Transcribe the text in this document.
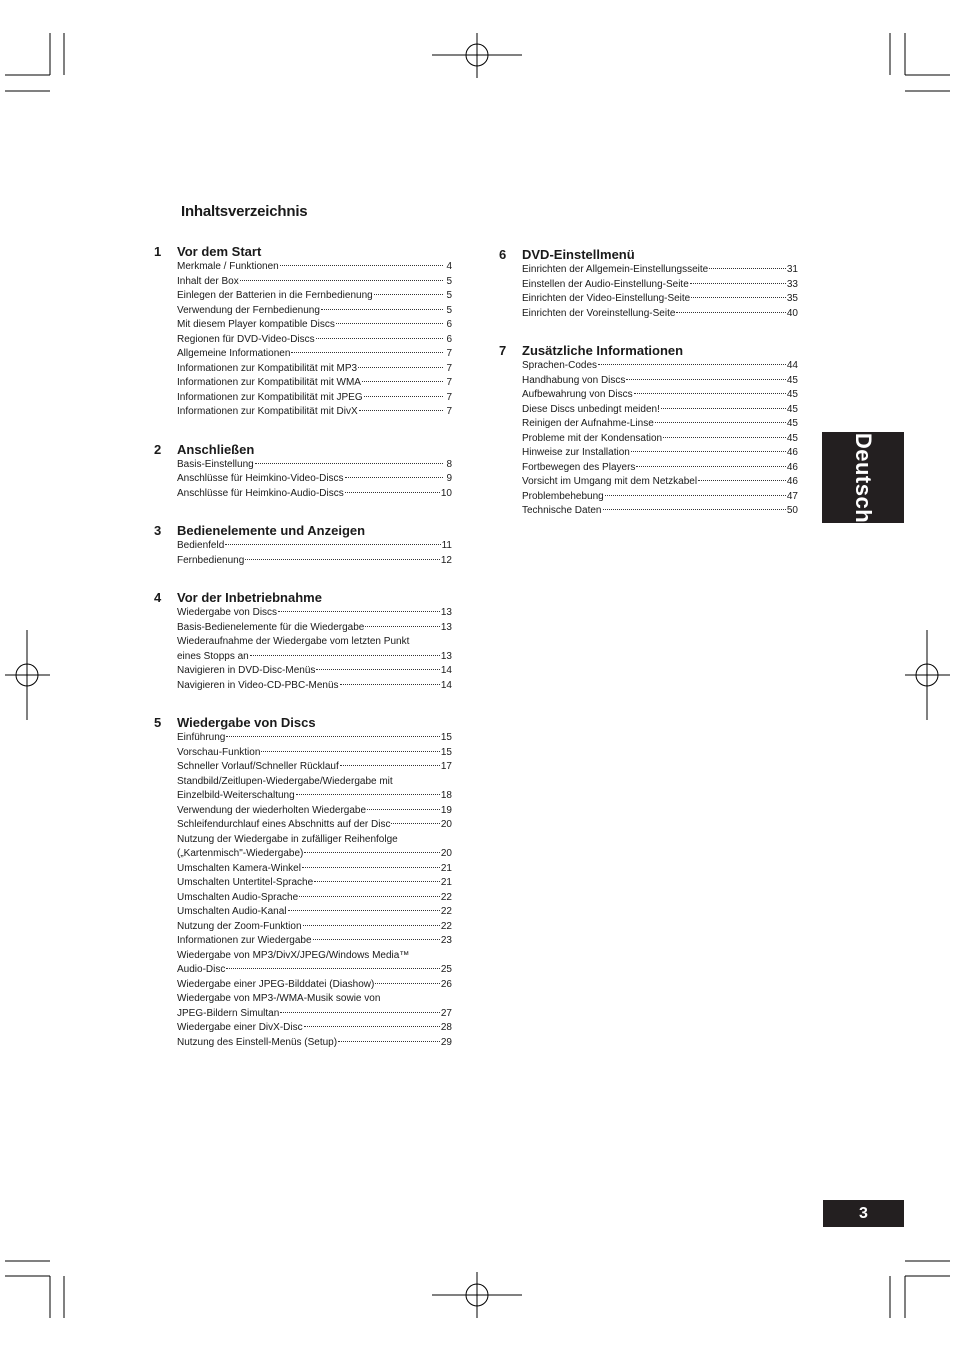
Inhaltsverzeichnis
1	Vor dem Start
Merkmale / Funktionen	4
Inhalt der Box	5
Einlegen der Batterien in die Fernbedienung	5
Verwendung der Fernbedienung	5
Mit diesem Player kompatible Discs	6
Regionen für DVD-Video-Discs	6
Allgemeine Informationen	7
Informationen zur Kompatibilität mit MP3	7
Informationen zur Kompatibilität mit WMA	7
Informationen zur Kompatibilität mit JPEG	7
Informationen zur Kompatibilität mit DivX	7
2	Anschließen
Basis-Einstellung	8
Anschlüsse für Heimkino-Video-Discs	9
Anschlüsse für Heimkino-Audio-Discs	10
3	Bedienelemente und Anzeigen
Bedienfeld	11
Fernbedienung	12
4	Vor der Inbetriebnahme
Wiedergabe von Discs	13
Basis-Bedienelemente für die Wiedergabe	13
Wiederaufnahme der Wiedergabe vom letzten Punkt
eines Stopps an	13
Navigieren in DVD-Disc-Menüs	14
Navigieren in Video-CD-PBC-Menüs	14
5	Wiedergabe von Discs
Einführung	15
Vorschau-Funktion	15
Schneller Vorlauf/Schneller Rücklauf	17
Standbild/Zeitlupen-Wiedergabe/Wiedergabe mit
Einzelbild-Weiterschaltung	18
Verwendung der wiederholten Wiedergabe	19
Schleifendurchlauf eines Abschnitts auf der Disc	20
Nutzung der Wiedergabe in zufälliger Reihenfolge
(„Kartenmisch"-Wiedergabe)	20
Umschalten Kamera-Winkel	21
Umschalten Untertitel-Sprache	21
Umschalten Audio-Sprache	22
Umschalten Audio-Kanal	22
Nutzung der Zoom-Funktion	22
Informationen zur Wiedergabe	23
Wiedergabe von MP3/DivX/JPEG/Windows Media™
Audio-Disc	25
Wiedergabe einer JPEG-Bilddatei (Diashow)	26
Wiedergabe von MP3-/WMA-Musik sowie von
JPEG-Bildern Simultan	27
Wiedergabe einer DivX-Disc	28
Nutzung des Einstell-Menüs (Setup)	29
6	DVD-Einstellmenü
Einrichten der Allgemein-Einstellungsseite	31
Einstellen der Audio-Einstellung-Seite	33
Einrichten der Video-Einstellung-Seite	35
Einrichten der Voreinstellung-Seite	40
7	Zusätzliche Informationen
Sprachen-Codes	44
Handhabung von Discs	45
Aufbewahrung von Discs	45
Diese Discs unbedingt meiden!	45
Reinigen der Aufnahme-Linse	45
Probleme mit der Kondensation	45
Hinweise zur Installation	46
Fortbewegen des Players	46
Vorsicht im Umgang mit dem Netzkabel	46
Problembehebung	47
Technische Daten	50 Deutsch
3
